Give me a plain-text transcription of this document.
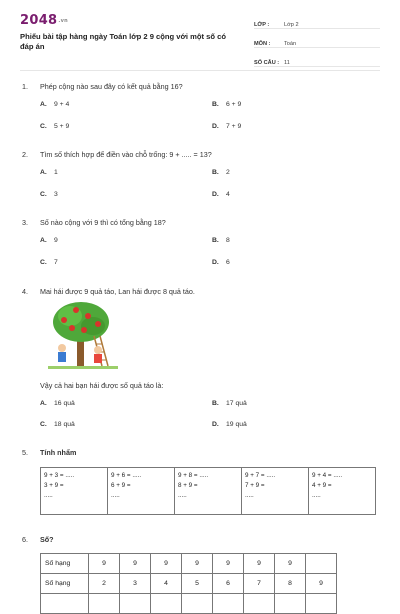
2048.vn
Phiếu bài tập hàng ngày Toán lớp 2 9 cộng với một số có đáp án
LỚP :	Lớp 2
MÔN :	Toán
SỐ CÂU : 11
1. Phép cộng nào sau đây có kết quả bằng 16?
A. 9 + 4	B. 6 + 9
C. 5 + 9	D. 7 + 9
2. Tìm số thích hợp để điền vào chỗ trống: 9 + ..... = 13?
A. 1	B. 2
C. 3	D. 4
3. Số nào cộng với 9 thì có tổng bằng 18?
A. 9	B. 8
C. 7	D. 6
4. Mai hái được 9 quả táo, Lan hái được 8 quả táo.
Vậy cả hai bạn hái được số quả táo là:
A. 16 quả	B. 17 quả
C. 18 quả	D. 19 quả
5. Tính nhẩm
9 + 3 = .....
3 + 9 =
.....

9 + 6 = .....
6 + 9 =
.....

9 + 8 = .....
8 + 9 =
.....

9 + 7 = .....
7 + 9 =
.....

9 + 4 = .....
4 + 9 =
.....
6. Số?
Số hạng	9	9	9	9	9	9	9	
Số hạng	2	3	4	5	6	7	8	9
